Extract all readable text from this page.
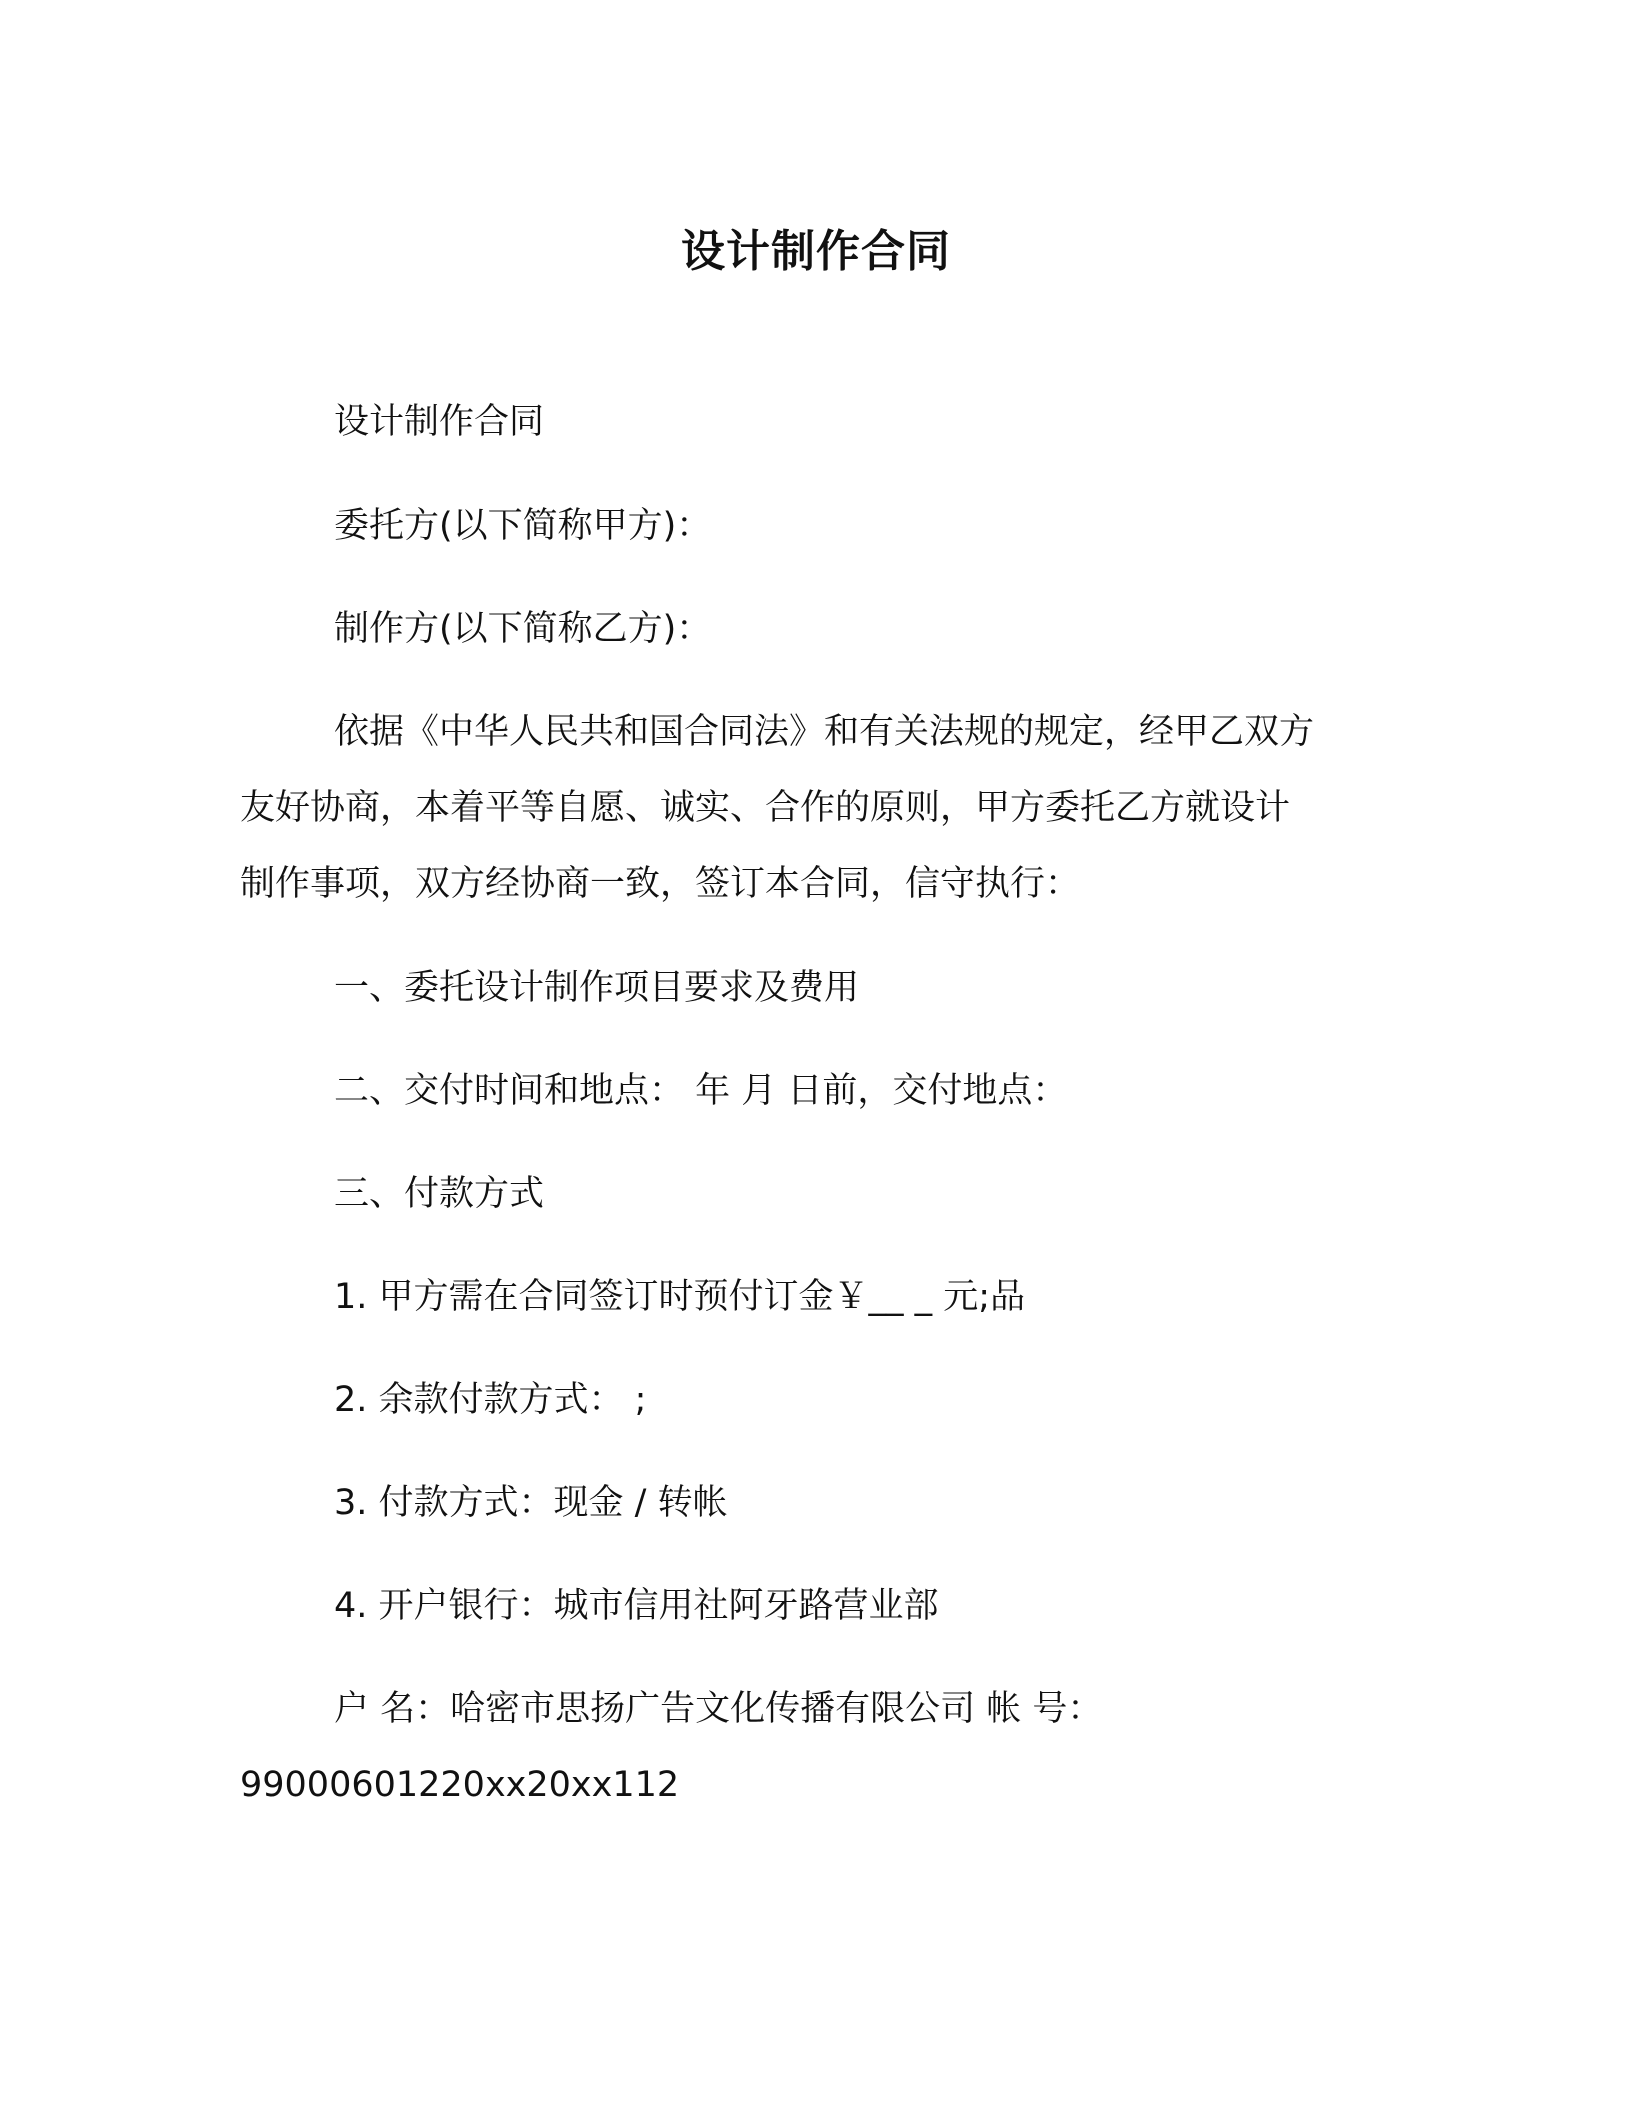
设计制作合同
设计制作合同
委托方(以下简称甲方)：
制作方(以下简称乙方)：
依据《中华人民共和国合同法》和有关法规的规定，经甲乙双方
友好协商，本着平等自愿、诚实、合作的原则，甲方委托乙方就设计
制作事项，双方经协商一致，签订本合同，信守执行：
一、委托设计制作项目要求及费用
二、交付时间和地点： 年 月 日前，交付地点：
三、付款方式
1. 甲方需在合同签订时预付订金￥__ _ 元;品
2. 余款付款方式： ;
3. 付款方式：现金 / 转帐
4. 开户银行：城市信用社阿牙路营业部
户 名：哈密市思扬广告文化传播有限公司 帐 号：
99000601220xx20xx112
